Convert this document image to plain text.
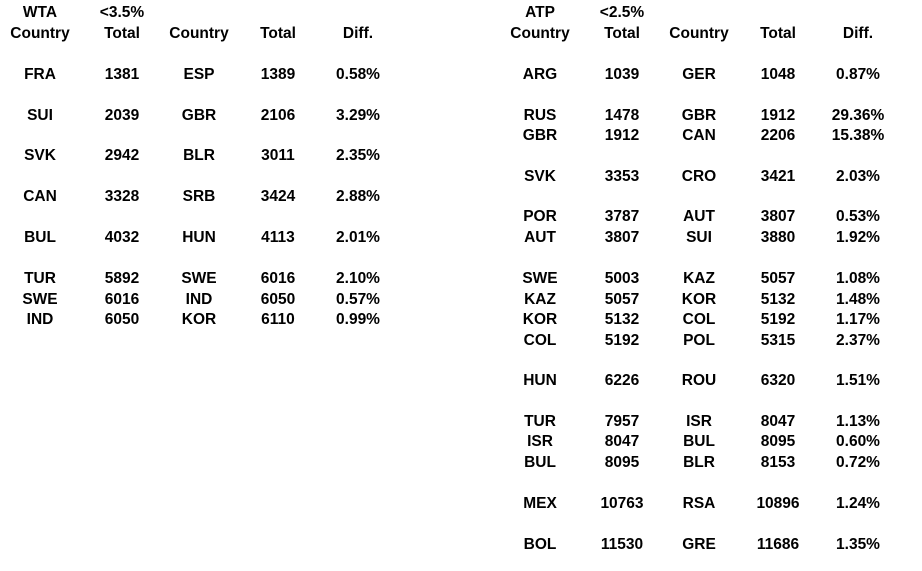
WTA	<3.5%
Country	Total	Country	Total	Diff.
FRA	1381	ESP	1389	0.58%
SUI	2039	GBR	2106	3.29%
SVK	2942	BLR	3011	2.35%
CAN	3328	SRB	3424	2.88%
BUL	4032	HUN	4113	2.01%
TUR	5892	SWE	6016	2.10%
SWE	6016	IND	6050	0.57%
IND	6050	KOR	6110	0.99%
ATP	<2.5%
Country	Total	Country	Total	Diff.
ARG	1039	GER	1048	0.87%
RUS	1478	GBR	1912	29.36%
GBR	1912	CAN	2206	15.38%
SVK	3353	CRO	3421	2.03%
POR	3787	AUT	3807	0.53%
AUT	3807	SUI	3880	1.92%
SWE	5003	KAZ	5057	1.08%
KAZ	5057	KOR	5132	1.48%
KOR	5132	COL	5192	1.17%
COL	5192	POL	5315	2.37%
HUN	6226	ROU	6320	1.51%
TUR	7957	ISR	8047	1.13%
ISR	8047	BUL	8095	0.60%
BUL	8095	BLR	8153	0.72%
MEX	10763	RSA	10896	1.24%
BOL	11530	GRE	11686	1.35%
